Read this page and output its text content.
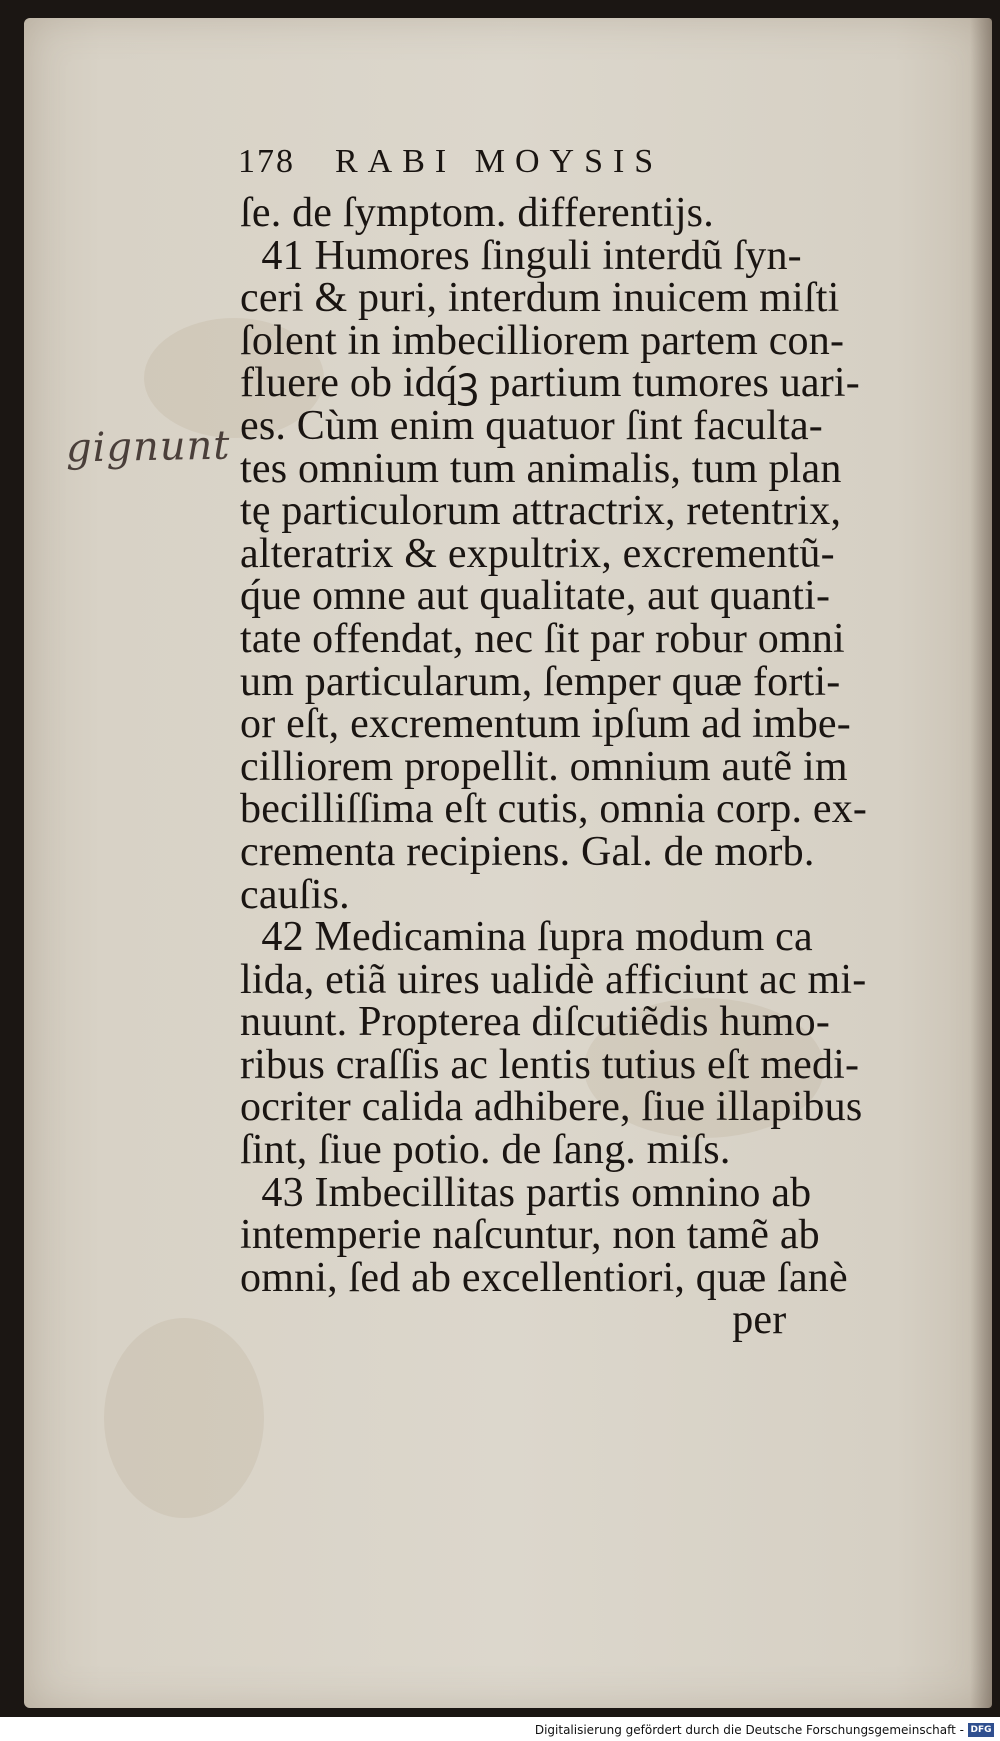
gignunt
178 RABI MOYSIS
ſe. de ſymptom. differentijs.
41 Humores ſinguli interdũ ſyn-
ceri & puri, interdum inuicem miſti
ſolent in imbecilliorem partem con-
fluere ob idq́ꝫ partium tumores uari-
es. Cùm enim quatuor ſint faculta-
tes omnium tum animalis, tum plan
tę particulorum attractrix, retentrix,
alteratrix & expultrix, excrementũ-
q́ue omne aut qualitate, aut quanti-
tate offendat, nec ſit par robur omni
um particularum, ſemper quæ forti-
or eſt, excrementum ipſum ad imbe-
cilliorem propellit. omnium autẽ im
becilliſſima eſt cutis, omnia corp. ex-
crementa recipiens. Gal. de morb.
cauſis.
42 Medicamina ſupra modum ca
lida, etiã uires ualidè afficiunt ac mi-
nuunt. Propterea diſcutiẽdis humo-
ribus craſſis ac lentis tutius eſt medi-
ocriter calida adhibere, ſiue illapibus
ſint, ſiue potio. de ſang. miſs.
43 Imbecillitas partis omnino ab
intemperie naſcuntur, non tamẽ ab
omni, ſed ab excellentiori, quæ ſanè
per
Digitalisierung gefördert durch die Deutsche Forschungsgemeinschaft - DFG
